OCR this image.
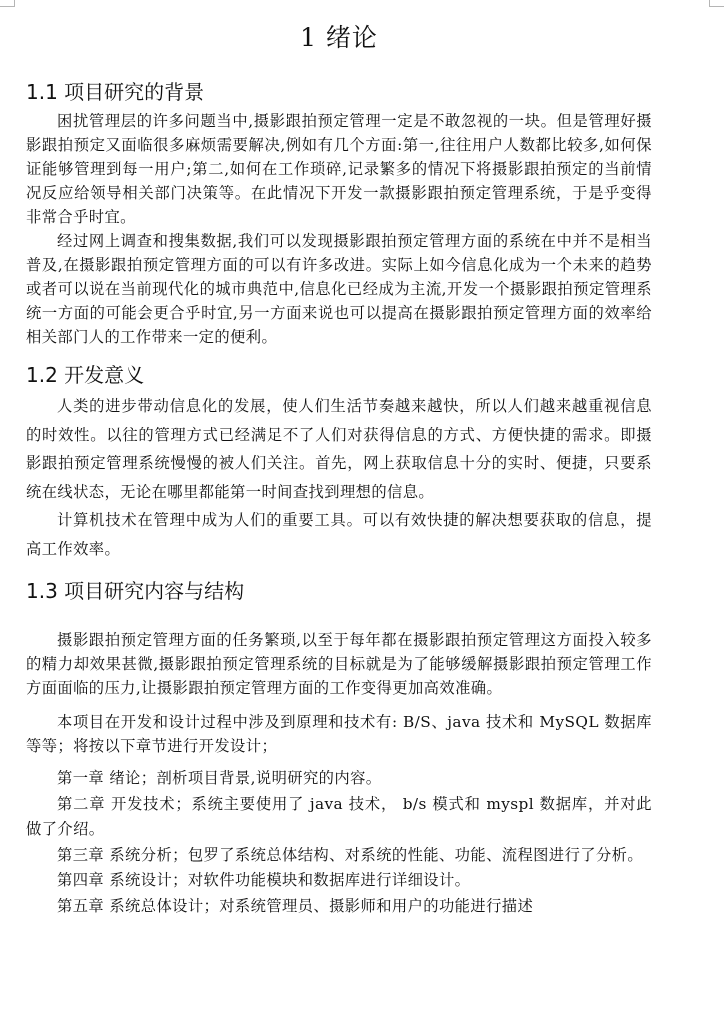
1 绪论
1.1 项目研究的背景

困扰管理层的许多问题当中,摄影跟拍预定管理一定是不敢忽视的一块。但是管理好摄影跟拍预定又面临很多麻烦需要解决,例如有几个方面:第一,往往用户人数都比较多,如何保证能够管理到每一用户;第二,如何在工作琐碎,记录繁多的情况下将摄影跟拍预定的当前情况反应给领导相关部门决策等。在此情况下开发一款摄影跟拍预定管理系统，于是乎变得非常合乎时宜。

经过网上调查和搜集数据,我们可以发现摄影跟拍预定管理方面的系统在中并不是相当普及,在摄影跟拍预定管理方面的可以有许多改进。实际上如今信息化成为一个未来的趋势或者可以说在当前现代化的城市典范中,信息化已经成为主流,开发一个摄影跟拍预定管理系统一方面的可能会更合乎时宜,另一方面来说也可以提高在摄影跟拍预定管理方面的效率给相关部门人的工作带来一定的便利。

1.2 开发意义

人类的进步带动信息化的发展，使人们生活节奏越来越快，所以人们越来越重视信息的时效性。以往的管理方式已经满足不了人们对获得信息的方式、方便快捷的需求。即摄影跟拍预定管理系统慢慢的被人们关注。首先，网上获取信息十分的实时、便捷，只要系统在线状态，无论在哪里都能第一时间查找到理想的信息。

计算机技术在管理中成为人们的重要工具。可以有效快捷的解决想要获取的信息，提高工作效率。

1.3 项目研究内容与结构

摄影跟拍预定管理方面的任务繁琐,以至于每年都在摄影跟拍预定管理这方面投入较多的精力却效果甚微,摄影跟拍预定管理系统的目标就是为了能够缓解摄影跟拍预定管理工作方面面临的压力,让摄影跟拍预定管理方面的工作变得更加高效准确。

本项目在开发和设计过程中涉及到原理和技术有: B/S、java 技术和 MySQL 数据库等等；将按以下章节进行开发设计；

第一章 绪论；剖析项目背景,说明研究的内容。

第二章 开发技术；系统主要使用了 java 技术， b/s 模式和 myspl 数据库，并对此做了介绍。

第三章 系统分析；包罗了系统总体结构、对系统的性能、功能、流程图进行了分析。

第四章 系统设计；对软件功能模块和数据库进行详细设计。

第五章 系统总体设计；对系统管理员、摄影师和用户的功能进行描述
